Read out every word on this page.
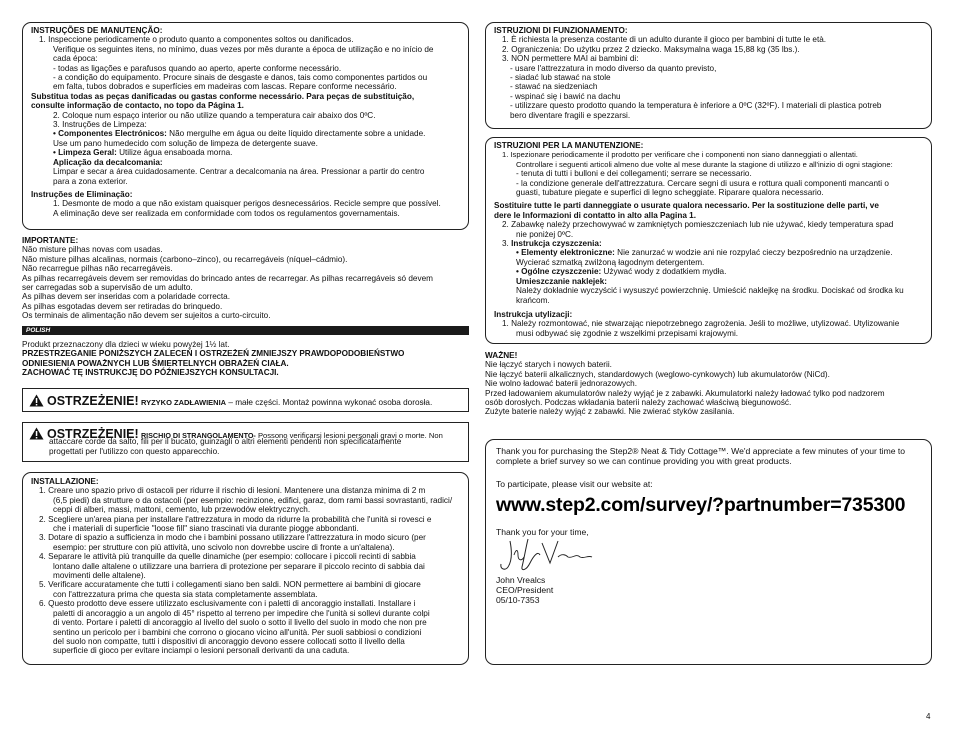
INSTRUÇÕES DE MANUTENÇÃO:

1. Inspeccione periodicamente o produto quanto a componentes soltos ou danificados.

Verifique os seguintes itens, no mínimo, duas vezes por mês durante a época de utilização e no início de

cada época:

- todas as ligações e parafusos quando ao aperto, aperte conforme necessário.

- a condição do equipamento. Procure sinais de desgaste e danos, tais como componentes partidos ou

em falta, tubos dobrados e superfícies em madeiras com lascas. Repare conforme necessário.

Substitua todas as peças danificadas ou gastas conforme necessário. Para peças de substituição,

consulte informação de contacto, no topo da Página 1.

2. Coloque num espaço interior ou não utilize quando a temperatura cair abaixo dos 0ºC.

3. Instruções de Limpeza:

• Componentes Electrónicos: Não mergulhe em água ou deite líquido directamente sobre a unidade.

Use um pano humedecido com solução de limpeza de detergente suave.

• Limpeza Geral: Utilize água ensaboada morna.

Aplicação da decalcomania:

Limpar e secar a área cuidadosamente. Centrar a decalcomania na área. Pressionar a partir do centro

para a zona exterior.

Instruções de Eliminação:

1. Desmonte de modo a que não existam quaisquer perigos desnecessários. Recicle sempre que possível.

A eliminação deve ser realizada em conformidade com todos os regulamentos governamentais.

IMPORTANTE:

Não misture pilhas novas com usadas.

Não misture pilhas alcalinas, normais (carbono–zinco), ou recarregáveis (níquel–cádmio).

Não recarregue pilhas não recarregáveis.

As pilhas recarregáveis devem ser removidas do brincado antes de recarregar. As pilhas recarregáveis só devem

ser carregadas sob a supervisão de um adulto.

As pilhas devem ser inseridas com a polaridade correcta.

As pilhas esgotadas devem ser retiradas do brinquedo.

Os terminais de alimentação não devem ser sujeitos a curto-circuito.

POLISH

Produkt przeznaczony dla dzieci w wieku powyżej 1½ lat.

PRZESTRZEGANIE PONIŻSZYCH ZALECEŃ I OSTRZEŻEŃ ZMNIEJSZY PRAWDOPODOBIEŃSTWO

ODNIESIENIA POWAŻNYCH LUB ŚMIERTELNYCH OBRAŻEŃ CIAŁA.

ZACHOWAĆ TĘ INSTRUKCJĘ DO PÓŹNIEJSZYCH KONSULTACJI.

OSTRZEŻENIE! RYZYKO ZADŁAWIENIA – małe części. Montaż powinna wykonać osoba dorosła.

OSTRZEŻENIE! RISCHIO DI STRANGOLAMENTO- Possono verificarsi lesioni personali gravi o morte. Non

attaccare corde da salto, fili per il bucato, guinzagli o altri elementi pendenti non specificatamente

progettati per l'utilizzo con questo apparecchio.

INSTALLAZIONE:

1. Creare uno spazio privo di ostacoli per ridurre il rischio di lesioni. Mantenere una distanza minima di 2 m

(6,5 piedi) da strutture o da ostacoli (per esempio: recinzione, edifici, garaz, dom rami bassi sovrastanti, radici/

ceppi di alberi, massi, mattoni, cemento, lub przewodów elektrycznych.

2. Scegliere un'area piana per installare l'attrezzatura in modo da ridurre la probabilità che l'unità si rovesci e

che i materiali di superficie "loose fill" siano trascinati via durante piogge abbondanti.

3. Dotare di spazio a sufficienza in modo che i bambini possano utilizzare l'attrezzatura in modo sicuro (per

esempio: per strutture con più attività, uno scivolo non dovrebbe uscire di fronte a un'altalena).

4. Separare le attività più tranquille da quelle dinamiche (per esempio: collocare i piccoli recinti di sabbia

lontano dalle altalene o utilizzare una barriera di protezione per separare il piccolo recinto di sabbia dai

movimenti delle altalene).

5. Verificare accuratamente che tutti i collegamenti siano ben saldi. NON permettere ai bambini di giocare

con l'attrezzatura prima che questa sia stata completamente assemblata.

6. Questo prodotto deve essere utilizzato esclusivamente con i paletti di ancoraggio installati. Installare i

paletti di ancoraggio a un angolo di 45° rispetto al terreno per impedire che l'unità si sollevi durante colpi

di vento. Portare i paletti di ancoraggio al livello del suolo o sotto il livello del suolo in modo che non pre

sentino un pericolo per i bambini che corrono o giocano vicino all'unità. Per suoli sabbiosi o condizioni

del suolo non compatte, tutti i dispositivi di ancoraggio devono essere collocati sotto il livello della

superficie di gioco per evitare inciampi o lesioni personali derivanti da una caduta.

ISTRUZIONI DI FUNZIONAMENTO:

1. È richiesta la presenza costante di un adulto durante il gioco per bambini di tutte le età.

2. Ograniczenia: Do użytku przez 2 dziecko. Maksymalna waga 15,88 kg (35 lbs.).

3. NON permettere MAI ai bambini di:

- usare l'attrezzatura in modo diverso da quanto previsto,

- siadać lub stawać na stole

- stawać na siedzeniach

- wspinać się i bawić na dachu

- utilizzare questo prodotto quando la temperatura è inferiore a 0ºC (32ºF). I materiali di plastica potreb

bero diventare fragili e spezzarsi.

ISTRUZIONI PER LA MANUTENZIONE:

1. Ispezionare periodicamente il prodotto per verificare che i componenti non siano danneggiati o allentati.

Controllare i seguenti articoli almeno due volte al mese durante la stagione di utilizzo e all'inizio di ogni stagione:

- tenuta di tutti i bulloni e dei collegamenti; serrare se necessario.

- la condizione generale dell'attrezzatura. Cercare segni di usura e rottura quali componenti mancanti o

guasti, tubature piegate e superfici di legno scheggiate. Riparare qualora necessario.

Sostituire tutte le parti danneggiate o usurate qualora necessario. Per la sostituzione delle parti, ve

dere le Informazioni di contatto in alto alla Pagina 1.

2. Zabawkę należy przechowywać w zamkniętych pomieszczeniach lub nie używać, kiedy temperatura spad

nie poniżej 0ºC.

3. Instrukcja czyszczenia:

• Elementy elektroniczne: Nie zanurzać w wodzie ani nie rozpylać cieczy bezpośrednio na urządzenie.

Wycierać szmatką zwilżoną łagodnym detergentem.

• Ogólne czyszczenie: Używać wody z dodatkiem mydła.

Umieszczanie naklejek:

Należy dokładnie wyczyścić i wysuszyć powierzchnię. Umieścić naklejkę na środku. Dociskać od środka ku

krańcom.

Instrukcja utylizacji:

1. Należy rozmontować, nie stwarzając niepotrzebnego zagrożenia. Jeśli to możliwe, utylizować. Utylizowanie

musi odbywać się zgodnie z wszelkimi przepisami krajowymi.

WAŻNE!

Nie łączyć starych i nowych baterii.

Nie łączyć baterii alkalicznych, standardowych (weglowo-cynkowych) lub akumulatorów (NiCd).

Nie wolno ładować baterii jednorazowych.

Przed ładowaniem akumulatorów należy wyjąć je z zabawki. Akumulatorki należy ładować tylko pod nadzorem

osób dorosłych. Podczas wkładania baterii należy zachować właściwą biegunowość.

Zużyte baterie należy wyjąć z zabawki. Nie zwierać styków zasilania.

Thank you for purchasing the Step2® Neat & Tidy Cottage™. We'd appreciate a few minutes of your time to

complete a brief survey so we can continue providing you with great products.

To participate, please visit our website at:

www.step2.com/survey/?partnumber=735300

Thank you for your time,

John Vrealcs

CEO/President

05/10-7353

4
